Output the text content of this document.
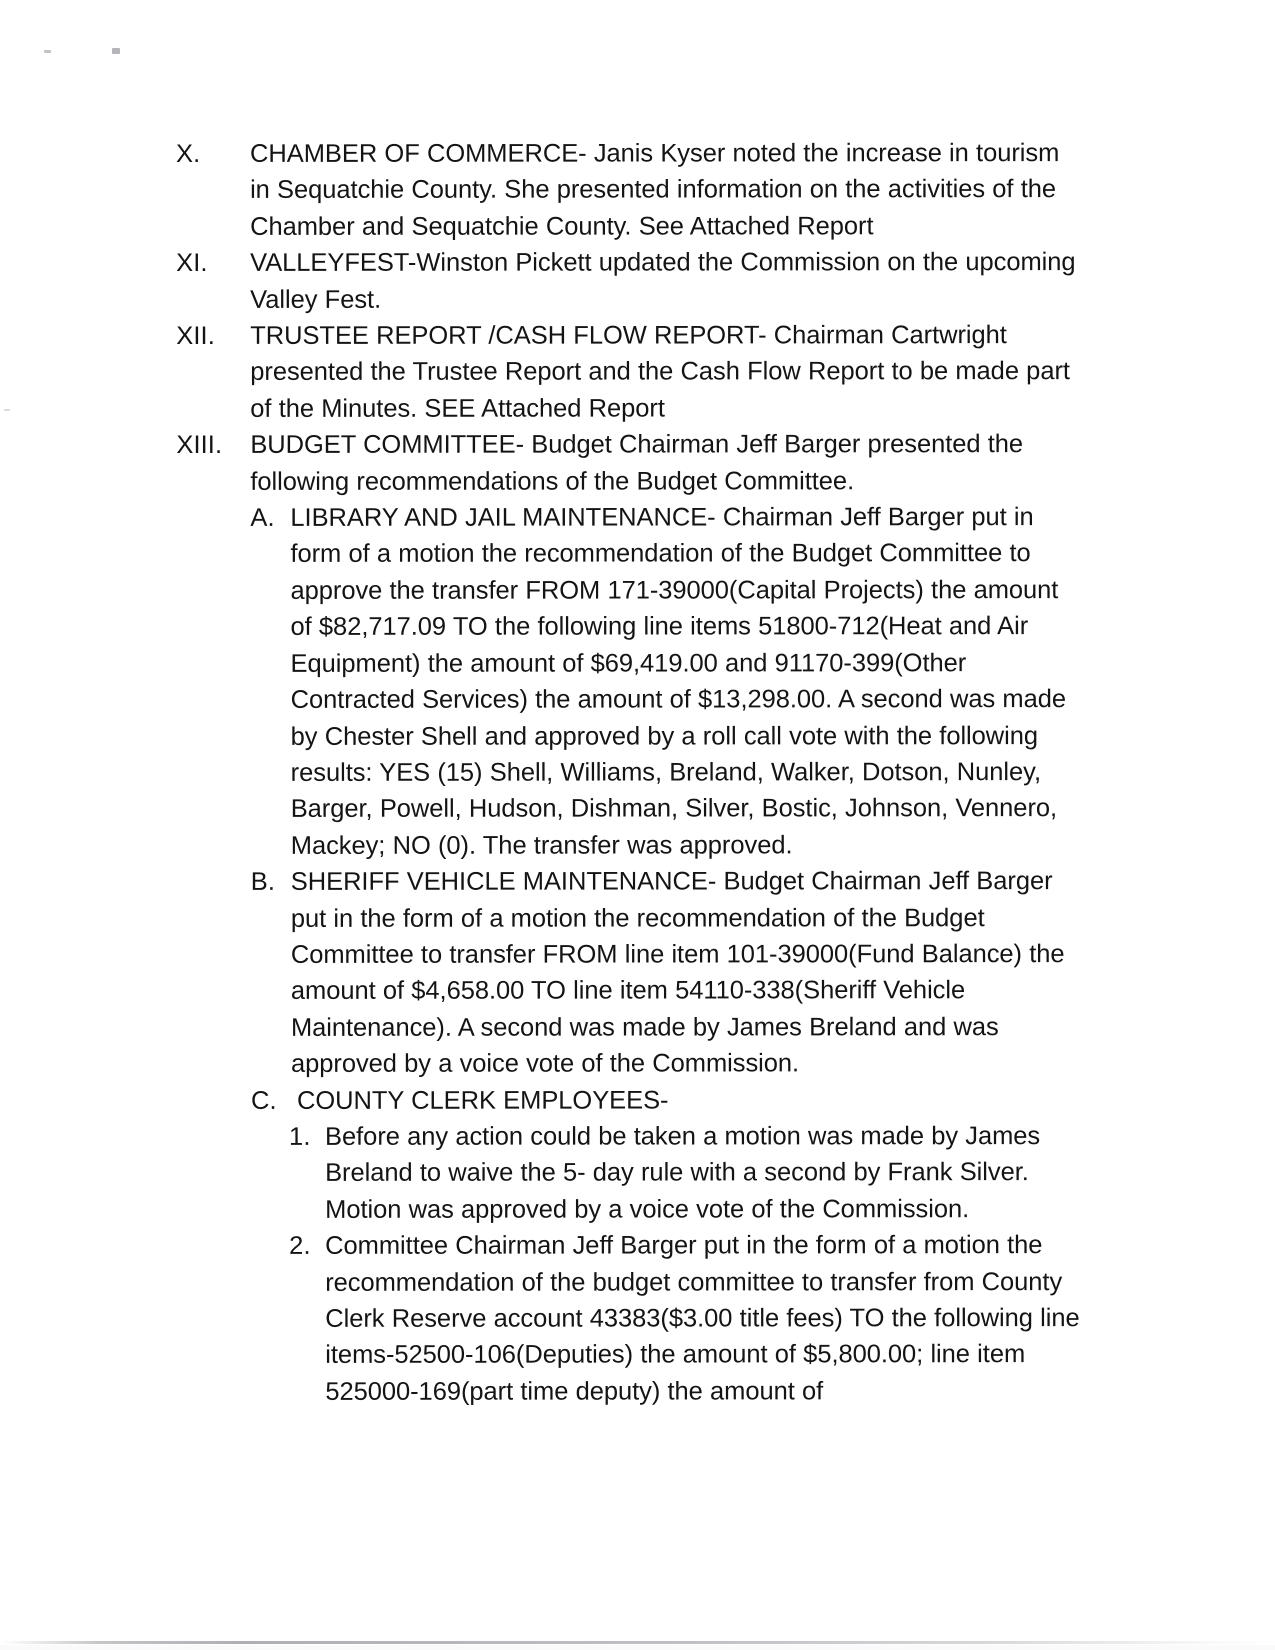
X.	CHAMBER OF COMMERCE- Janis Kyser noted the increase in tourism in Sequatchie County. She presented information on the activities of the Chamber and Sequatchie County. See Attached Report
XI.	VALLEYFEST-Winston Pickett updated the Commission on the upcoming Valley Fest.
XII.	TRUSTEE REPORT /CASH FLOW REPORT- Chairman Cartwright presented the Trustee Report and the Cash Flow Report to be made part of the Minutes. SEE Attached Report
XIII.	BUDGET COMMITTEE- Budget Chairman Jeff Barger presented the following recommendations of the Budget Committee.
A. LIBRARY AND JAIL MAINTENANCE- Chairman Jeff Barger put in form of a motion the recommendation of the Budget Committee to approve the transfer FROM 171-39000(Capital Projects) the amount of $82,717.09 TO the following line items 51800-712(Heat and Air Equipment) the amount of $69,419.00 and 91170-399(Other Contracted Services) the amount of $13,298.00. A second was made by Chester Shell and approved by a roll call vote with the following results: YES (15) Shell, Williams, Breland, Walker, Dotson, Nunley, Barger, Powell, Hudson, Dishman, Silver, Bostic, Johnson, Vennero, Mackey; NO (0). The transfer was approved.
B. SHERIFF VEHICLE MAINTENANCE- Budget Chairman Jeff Barger put in the form of a motion the recommendation of the Budget Committee to transfer FROM line item 101-39000(Fund Balance) the amount of $4,658.00 TO line item 54110-338(Sheriff Vehicle Maintenance). A second was made by James Breland and was approved by a voice vote of the Commission.
C. COUNTY CLERK EMPLOYEES-
1. Before any action could be taken a motion was made by James Breland to waive the 5- day rule with a second by Frank Silver. Motion was approved by a voice vote of the Commission.
2. Committee Chairman Jeff Barger put in the form of a motion the recommendation of the budget committee to transfer from County Clerk Reserve account 43383($3.00 title fees) TO the following line items-52500-106(Deputies) the amount of $5,800.00; line item 525000-169(part time deputy) the amount of
